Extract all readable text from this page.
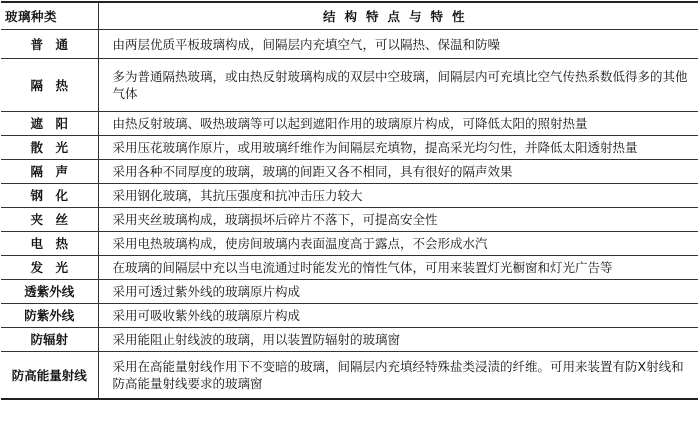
玻璃种类	结构特点与特性
普　通	由两层优质平板玻璃构成，间隔层内充填空气，可以隔热、保温和防噪
隔　热	多为普通隔热玻璃，或由热反射玻璃构成的双层中空玻璃，间隔层内可充填比空气传热系数低得多的其他气体
遮　阳	由热反射玻璃、吸热玻璃等可以起到遮阳作用的玻璃原片构成，可降低太阳的照射热量
散　光	采用压花玻璃作原片，或用玻璃纤维作为间隔层充填物，提高采光均匀性，并降低太阳透射热量
隔　声	采用各种不同厚度的玻璃，玻璃的间距又各不相同，具有很好的隔声效果
钢　化	采用钢化玻璃，其抗压强度和抗冲击压力较大
夹　丝	采用夹丝玻璃构成，玻璃损坏后碎片不落下，可提高安全性
电　热	采用电热玻璃构成，使房间玻璃内表面温度高于露点，不会形成水汽
发　光	在玻璃的间隔层中充以当电流通过时能发光的惰性气体，可用来装置灯光橱窗和灯光广告等
透紫外线	采用可透过紫外线的玻璃原片构成
防紫外线	采用可吸收紫外线的玻璃原片构成
防辐射	采用能阻止射线波的玻璃，用以装置防辐射的玻璃窗
防高能量射线	采用在高能量射线作用下不变暗的玻璃，间隔层内充填经特殊盐类浸渍的纤维。可用来装置有防X射线和防高能量射线要求的玻璃窗
